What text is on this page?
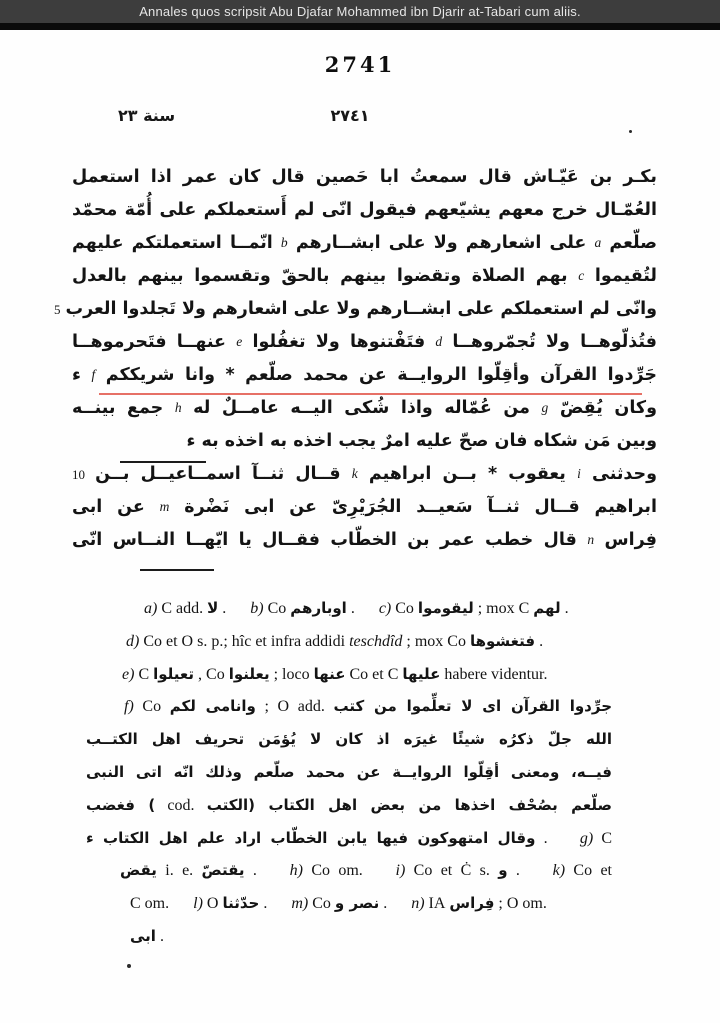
Annales quos scripsit Abu Djafar Mohammed ibn Djarir at-Tabari cum aliis.
2741
٢٧٤١
سنة ٢٣
بكـر بن عَيّـاش قال سمعتُ ابا حَصين قال كان عمر اذا استعمل
العُمّـال خرج معهم يشيّعهم فيقول انّى لم أَستعملكم على أُمّة محمّد
صلّعم a على اشعارهم ولا على ابشــارهم b انّمــا استعملتكم عليهم
لتُقيموا c بهم الصلاة وتقضوا بينهم بالحقّ وتقسموا بينهم بالعدل
وانّى لم استعملكم على ابشــارهم ولا على اشعارهم ولا تَجلدوا العرب 5
فتُذلّوهــا ولا تُجمّروهــا d فتَفْتنوها ولا تغفُلوا e عنهــا فتَحرموهــا
جَرِّدوا القرآن وأقِلّوا الروايــة عن محمد صلّعم * وانا شريككم f ء
وكان يُقِضّ g من عُمّاله واذا شُكى اليــه عامــلٌ له h جمع بينــه
وبين مَن شكاه فان صحّ عليه امرٌ يجب اخذه به اخذه به ء
وحدثنى i يعقوب * بــن ابراهيم k قــال ثنــآ اسمــاعيــل بــن 10
ابراهيم قــال ثنــآ سَعيــد الجُرَيْرِىّ عن ابى نَضْرة m عن ابى
فِراس n قال خطب عمر بن الخطّاب فقــال يا ايّهــا النــاس انّى
a) C add. لا . b) Co اوبارهم . c) Co ليقوموا ; mox C لهم .
d) Co et O s. p.; hîc et infra addidi teschdîd ; mox Co فتغشوها .
e) C تعيلوا , Co يعلنوا ; loco عنها Co et C عليها habere videntur.
f) Co وانامى لكم ; O add. جرِّدوا القرآن اى لا تعلِّموا من كتب
الله جلّ ذكرُه شيئًا غيرَه اذ كان لا يُؤمَن تحريف اهل الكتــب
فيــه، ومعنى أقِلّوا الروايــة عن محمد صلّعم وذلك انّه اتى النبى
صلّعم بصُحْف اخذها من بعض اهل الكتاب (الكتب cod. ) فغضب
وقال امتهوكون فيها يابن الخطّاب اراد علم اهل الكتاب ء . g) C
يقض i. e. يقتصّ . h) Co om. i) Co et Ċ s. و . k) Co et
C om. l) O حدّثنا . m) Co نصر و . n) IA فِراس ; O om.
ابى .
